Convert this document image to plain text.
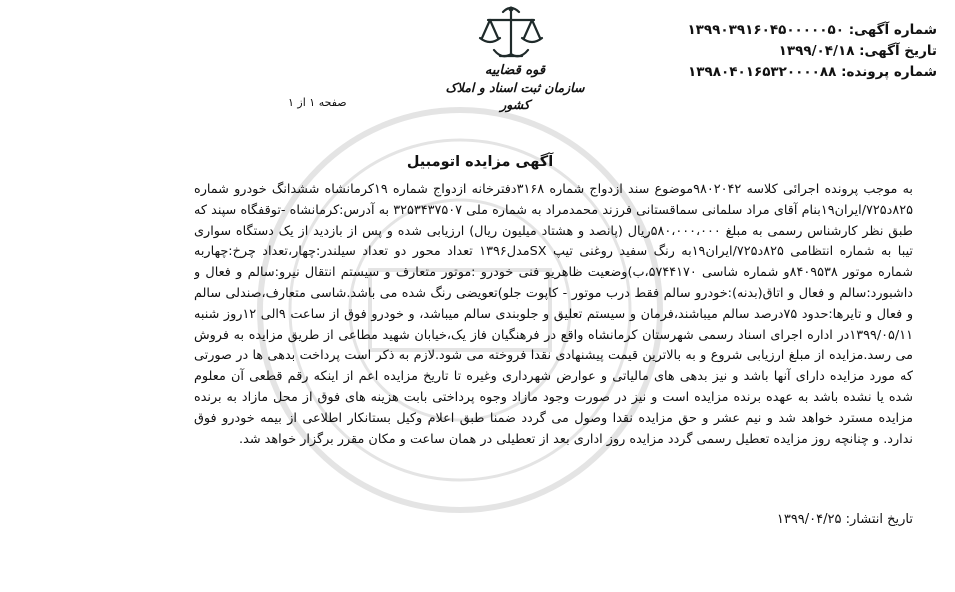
شماره آگهی: ۱۳۹۹۰۳۹۱۶۰۴۵۰۰۰۰۰۵۰
تاریخ آگهی: ۱۳۹۹/۰۴/۱۸
شماره پرونده: ۱۳۹۸۰۴۰۱۶۵۳۲۰۰۰۰۸۸
قوه قضاییه
سازمان ثبت اسناد و املاک کشور
صفحه ۱ از ۱
آگهی مزایده اتومبیل
به موجب پرونده اجرائی کلاسه ۹۸۰۲۰۴۲موضوع سند ازدواج شماره ۳۱۶۸دفترخانه ازدواج شماره ۱۹کرمانشاه ششدانگ خودرو شماره ۸۲۵د۷۲۵/ایران۱۹بنام آقای مراد سلمانی سماقستانی فرزند محمدمراد به شماره ملی ۳۲۵۳۴۳۷۵۰۷ به آدرس:کرمانشاه -توقفگاه سپند که طبق نظر کارشناس رسمی به مبلغ ۵۸۰،۰۰۰،۰۰۰ریال (پانصد و هشتاد میلیون ریال) ارزیابی شده و پس از بازدید از یک دستگاه سواری تیبا به شماره انتظامی ۸۲۵د۷۲۵/ایران۱۹به رنگ سفید روغنی تیپ SXمدل۱۳۹۶ تعداد محور دو تعداد سیلندر:چهار،تعداد چرخ:چهاربه شماره موتور ۸۴۰۹۵۳۸و شماره شاسی ۵۷۴۴۱۷۰،ب)وضعیت ظاهریو فنی خودرو :موتور متعارف و سیستم انتقال نیرو:سالم و فعال و داشبورد:سالم و فعال و اتاق(بدنه):خودرو سالم فقط درب موتور - کاپوت جلو)تعویضی رنگ شده می باشد.شاسی متعارف،صندلی سالم و فعال و تایرها:حدود ۷۵درصد سالم میباشند،فرمان و سیستم تعلیق و جلوبندی سالم میباشد، و خودرو فوق از ساعت ۹الی ۱۲روز شنبه ۱۳۹۹/۰۵/۱۱در اداره اجرای اسناد رسمی شهرستان کرمانشاه واقع در فرهنگیان فاز یک،خیابان شهید مطاعی از طریق مزایده به فروش می رسد.مزایده از مبلغ ارزیابی شروع و به بالاترین قیمت پیشنهادی نقدا فروخته می شود.لازم به ذکر است پرداخت بدهی ها در صورتی که مورد مزایده دارای آنها باشد و نیز بدهی های مالیاتی و عوارض شهرداری وغیره تا تاریخ مزایده اعم از اینکه رقم قطعی آن معلوم شده یا نشده باشد به عهده برنده مزایده است و نیز در صورت وجود مازاد وجوه پرداختی بابت هزینه های فوق از محل مازاد به برنده مزایده مسترد خواهد شد و نیم عشر و حق مزایده نقدا وصول می گردد ضمنا طبق اعلام وکیل بستانکار اطلاعی از بیمه خودرو فوق ندارد. و چنانچه روز مزایده تعطیل رسمی گردد مزایده روز اداری بعد از تعطیلی در همان ساعت و مکان مقرر برگزار خواهد شد.
تاریخ انتشار: ۱۳۹۹/۰۴/۲۵
